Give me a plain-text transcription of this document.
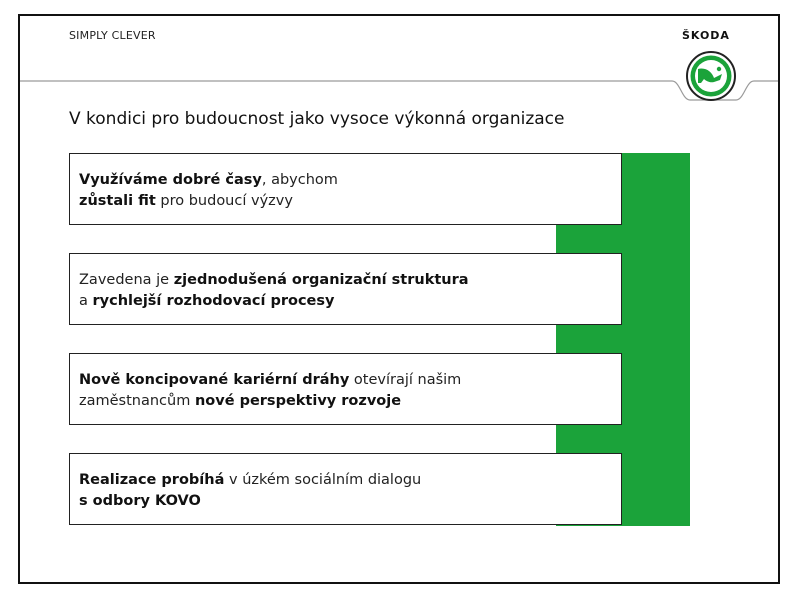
SIMPLY CLEVER	ŠKODA
V kondici pro budoucnost jako vysoce výkonná organizace
Využíváme dobré časy, abychom
zůstali fit pro budoucí výzvy
Zavedena je zjednodušená organizační struktura
a rychlejší rozhodovací procesy
Nově koncipované kariérní dráhy otevírají našim
zaměstnancům nové perspektivy rozvoje
Realizace probíhá v úzkém sociálním dialogu
s odbory KOVO
